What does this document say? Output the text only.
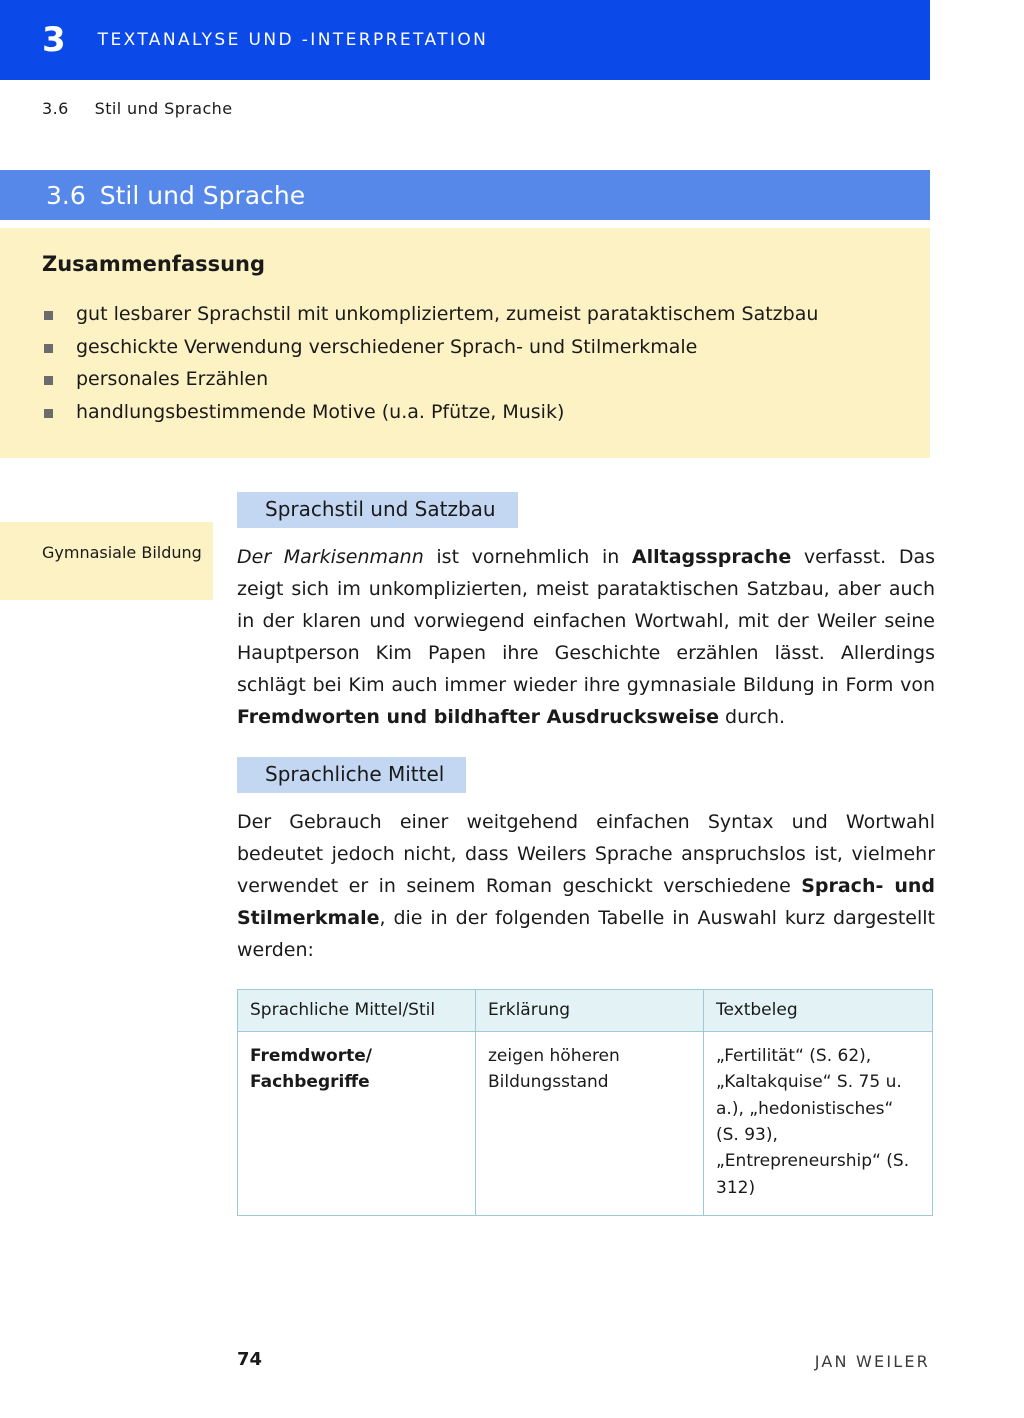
3 TEXTANALYSE UND -INTERPRETATION
3.6 Stil und Sprache
3.6 Stil und Sprache
Zusammenfassung
gut lesbarer Sprachstil mit unkompliziertem, zumeist parataktischem Satzbau
geschickte Verwendung verschiedener Sprach- und Stilmerkmale
personales Erzählen
handlungsbestimmende Motive (u.a. Pfütze, Musik)
Gymnasiale Bildung
Sprachstil und Satzbau

Der Markisenmann ist vornehmlich in Alltagssprache verfasst. Das zeigt sich im unkomplizierten, meist parataktischen Satzbau, aber auch in der klaren und vorwiegend einfachen Wortwahl, mit der Weiler seine Hauptperson Kim Papen ihre Geschichte erzählen lässt. Allerdings schlägt bei Kim auch immer wieder ihre gymnasiale Bildung in Form von Fremdworten und bildhafter Ausdrucksweise durch.

Sprachliche Mittel

Der Gebrauch einer weitgehend einfachen Syntax und Wortwahl bedeutet jedoch nicht, dass Weilers Sprache anspruchslos ist, vielmehr verwendet er in seinem Roman geschickt verschiedene Sprach- und Stilmerkmale, die in der folgenden Tabelle in Auswahl kurz dargestellt werden:

Sprachliche Mittel/Stil	Erklärung	Textbeleg
Fremdworte/ Fachbegriffe	zeigen höheren Bildungsstand	„Fertilität“ (S. 62), „Kaltakquise“ S. 75 u. a.), „hedonistisches“ (S. 93), „Entrepreneurship“ (S. 312)
74	JAN WEILER
